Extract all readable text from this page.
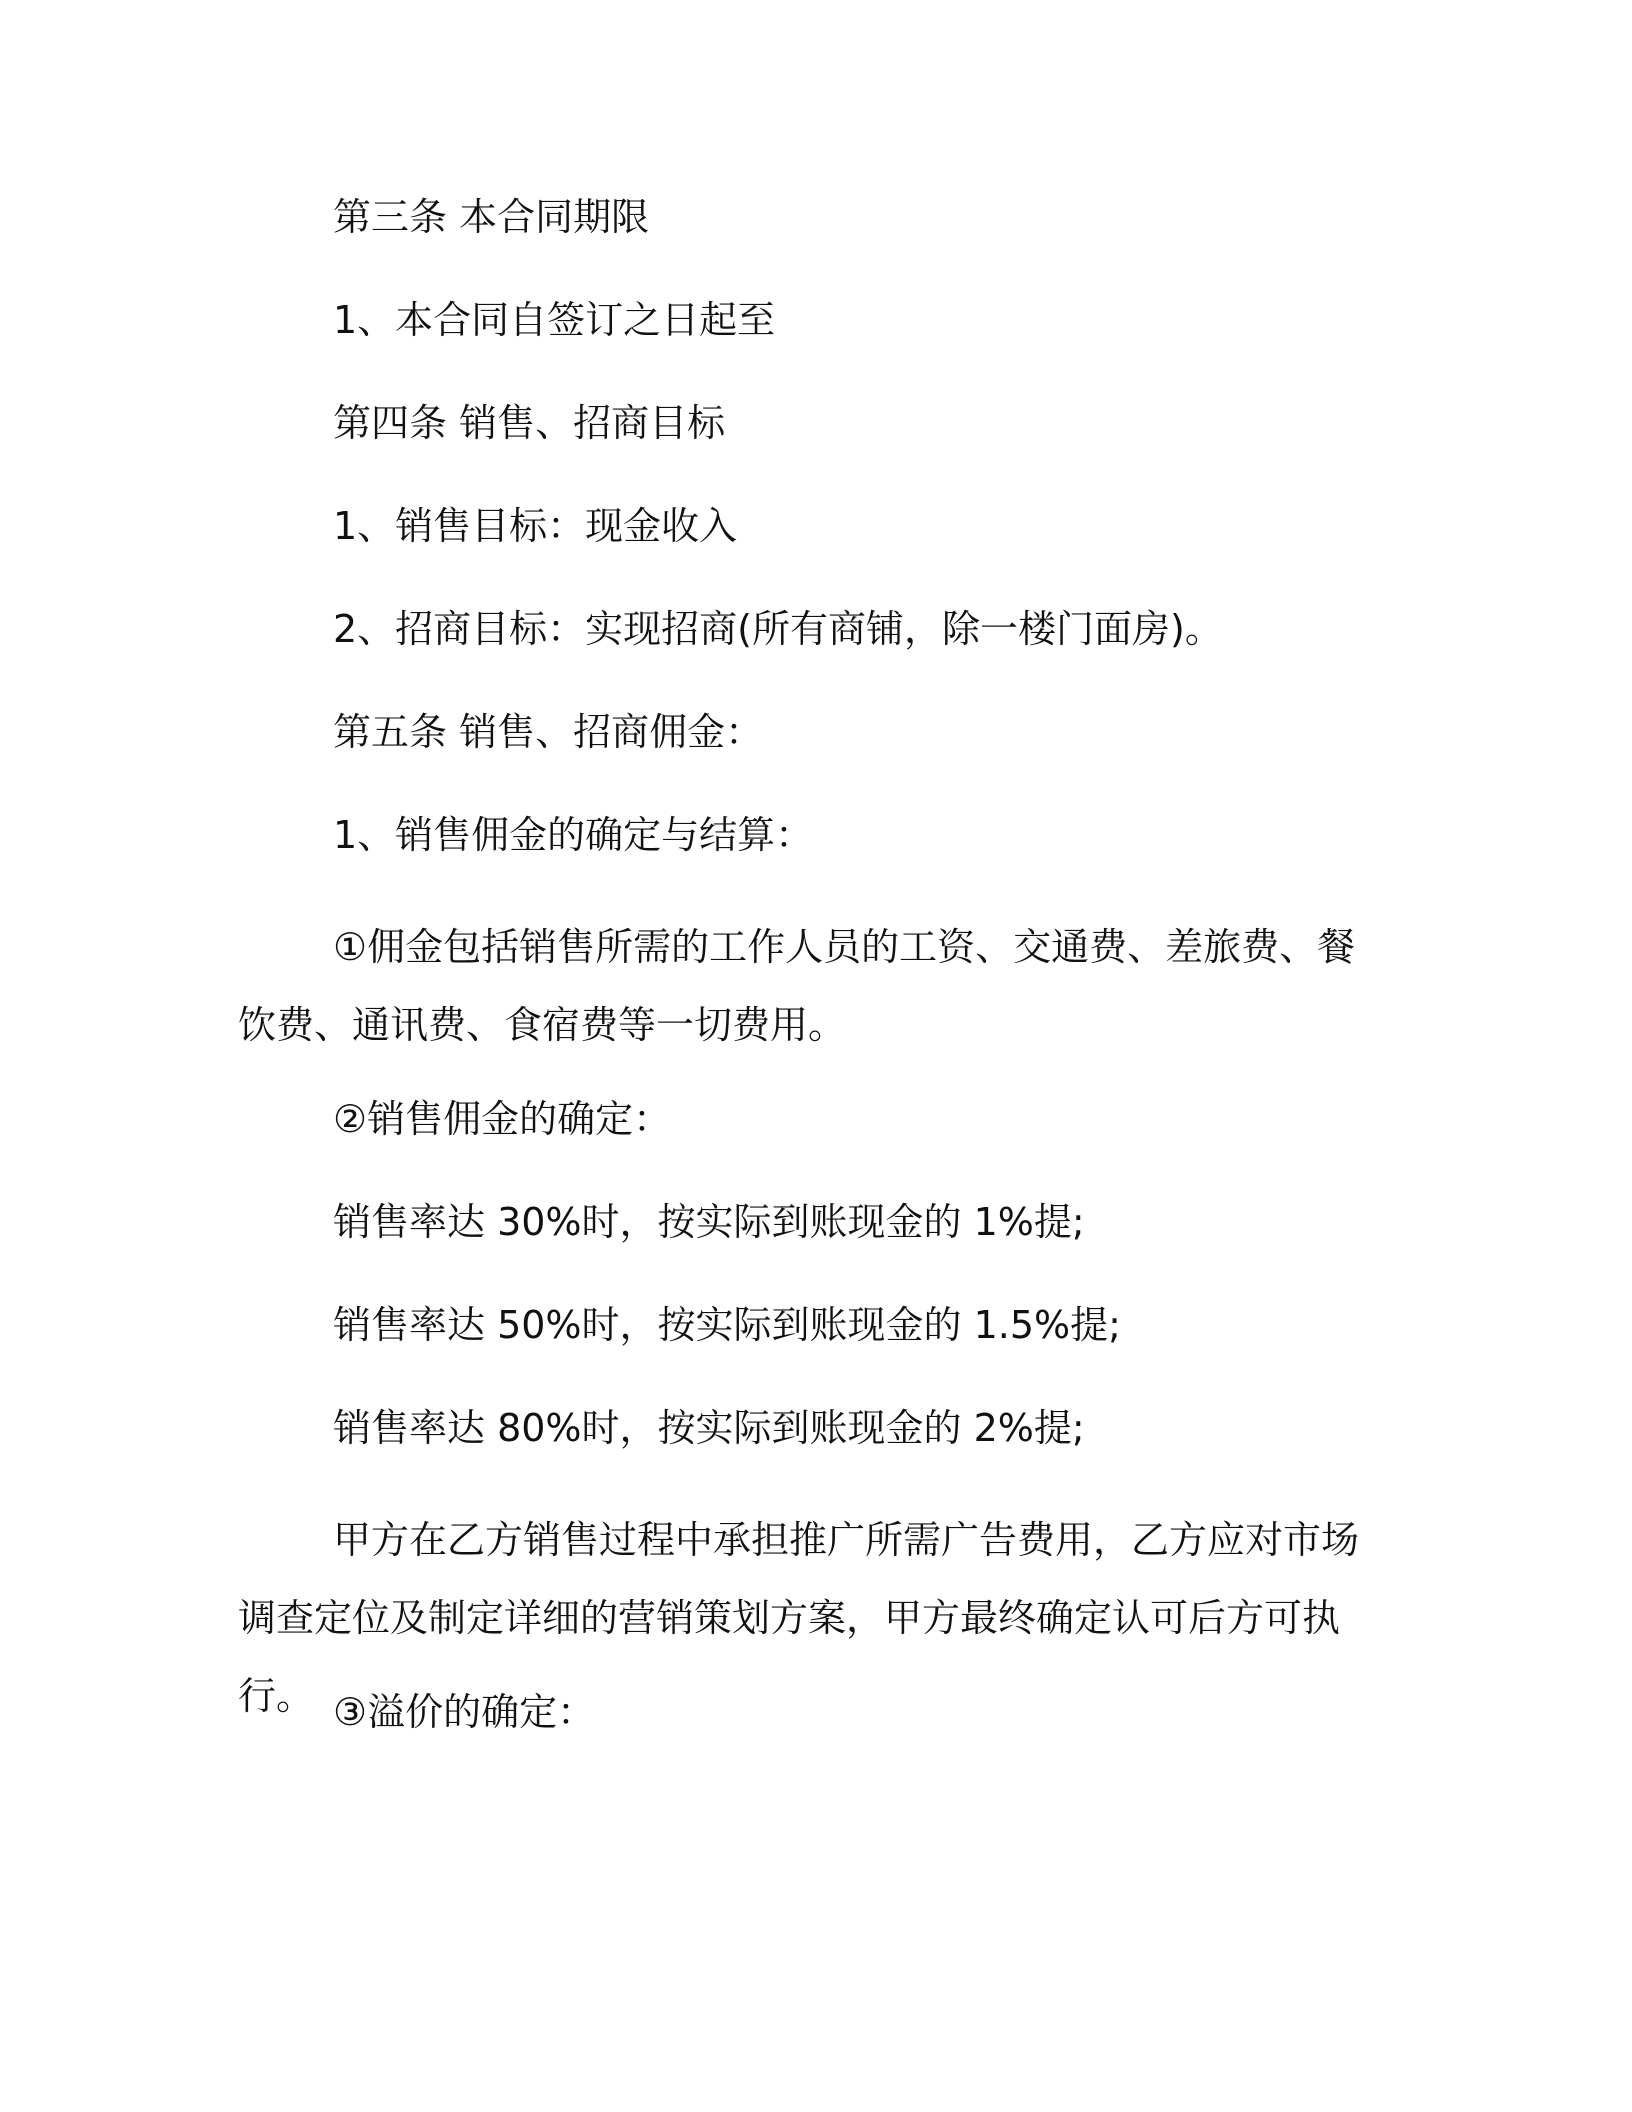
第三条 本合同期限

1、本合同自签订之日起至

第四条 销售、招商目标

1、销售目标：现金收入

2、招商目标：实现招商(所有商铺，除一楼门面房)。

第五条 销售、招商佣金：

1、销售佣金的确定与结算：

①佣金包括销售所需的工作人员的工资、交通费、差旅费、餐饮费、通讯费、食宿费等一切费用。

②销售佣金的确定：

销售率达 30%时，按实际到账现金的 1%提;

销售率达 50%时，按实际到账现金的 1.5%提;

销售率达 80%时，按实际到账现金的 2%提;

甲方在乙方销售过程中承担推广所需广告费用，乙方应对市场调查定位及制定详细的营销策划方案，甲方最终确定认可后方可执行。 ③溢价的确定：
